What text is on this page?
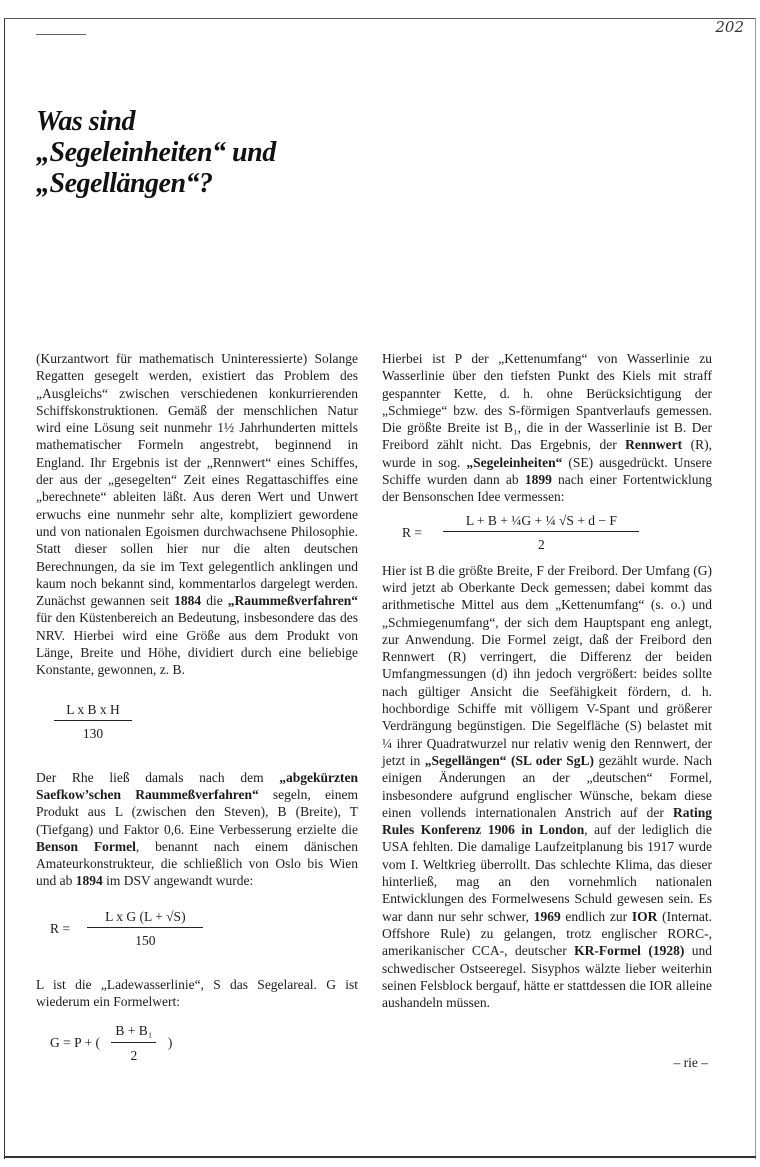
202
Was sind
„Segeleinheiten“ und
„Segellängen“?

(Kurzantwort für mathematisch Uninteressierte) Solange Regatten gesegelt werden, existiert das Problem des „Ausgleichs“ zwischen verschiedenen konkurrierenden Schiffskonstruktionen. Gemäß der menschlichen Natur wird eine Lösung seit nunmehr 1½ Jahrhunderten mittels mathematischer Formeln angestrebt, beginnend in England. Ihr Ergebnis ist der „Rennwert“ eines Schiffes, der aus der „gesegelten“ Zeit eines Regattaschiffes eine „berechnete“ ableiten läßt. Aus deren Wert und Unwert erwuchs eine nunmehr sehr alte, kompliziert gewordene und von nationalen Egoismen durchwachsene Philosophie. Statt dieser sollen hier nur die alten deutschen Berechnungen, da sie im Text gelegentlich anklingen und kaum noch bekannt sind, kommentarlos dargelegt werden. Zunächst gewannen seit 1884 die „Raummeßverfahren“ für den Küstenbereich an Bedeutung, insbesondere das des NRV. Hierbei wird eine Größe aus dem Produkt von Länge, Breite und Höhe, dividiert durch eine beliebige Konstante, gewonnen, z. B.

$\frac{\text{L x B x H}}{130}$

Der Rhe ließ damals nach dem „abgekürzten Saefkow’schen Raummeßverfahren“ segeln, einem Produkt aus L (zwischen den Steven), B (Breite), T (Tiefgang) und Faktor 0,6. Eine Verbesserung erzielte die Benson Formel, benannt nach einem dänischen Amateurkonstrukteur, die schließlich von Oslo bis Wien und ab 1894 im DSV angewandt wurde:

$R = \frac{\text{L x G (L + √S)}}{150}$

L ist die „Ladewasserlinie“, S das Segelareal. G ist wiederum ein Formelwert:

G = P + ( $\frac{\text{B + B₁}}{2}$ )

Hierbei ist P der „Kettenumfang“ von Wasserlinie zu Wasserlinie über den tiefsten Punkt des Kiels mit straff gespannter Kette, d. h. ohne Berücksichtigung der „Schmiege“ bzw. des S-förmigen Spantverlaufs gemessen. Die größte Breite ist B₁, die in der Wasserlinie ist B. Der Freibord zählt nicht. Das Ergebnis, der Rennwert (R), wurde in sog. „Segeleinheiten“ (SE) ausgedrückt. Unsere Schiffe wurden dann ab 1899 nach einer Fortentwicklung der Bensonschen Idee vermessen:

$R = \frac{\text{L + B + ¼G + ¼ √S + d − F}}{2}$

Hier ist B die größte Breite, F der Freibord. Der Umfang (G) wird jetzt ab Oberkante Deck gemessen; dabei kommt das arithmetische Mittel aus dem „Kettenumfang“ (s. o.) und „Schmiegenumfang“, der sich dem Hauptspant eng anlegt, zur Anwendung. Die Formel zeigt, daß der Freibord den Rennwert (R) verringert, die Differenz der beiden Umfangmessungen (d) ihn jedoch vergrößert: beides sollte nach gültiger Ansicht die Seefähigkeit fördern, d. h. hochbordige Schiffe mit völligem V-Spant und größerer Verdrängung begünstigen. Die Segelfläche (S) belastet mit ¼ ihrer Quadratwurzel nur relativ wenig den Rennwert, der jetzt in „Segellängen“ (SL oder SgL) gezählt wurde. Nach einigen Änderungen an der „deutschen“ Formel, insbesondere aufgrund englischer Wünsche, bekam diese einen vollends internationalen Anstrich auf der Rating Rules Konferenz 1906 in London, auf der lediglich die USA fehlten. Die damalige Laufzeitplanung bis 1917 wurde vom I. Weltkrieg überrollt. Das schlechte Klima, das dieser hinterließ, mag an den vornehmlich nationalen Entwicklungen des Formelwesens Schuld gewesen sein. Es war dann nur sehr schwer, 1969 endlich zur IOR (Internat. Offshore Rule) zu gelangen, trotz englischer RORC-, amerikanischer CCA-, deutscher KR-Formel (1928) und schwedischer Ostseeregel. Sisyphos wälzte lieber weiterhin seinen Felsblock bergauf, hätte er stattdessen die IOR alleine aushandeln müssen.

– rie –
